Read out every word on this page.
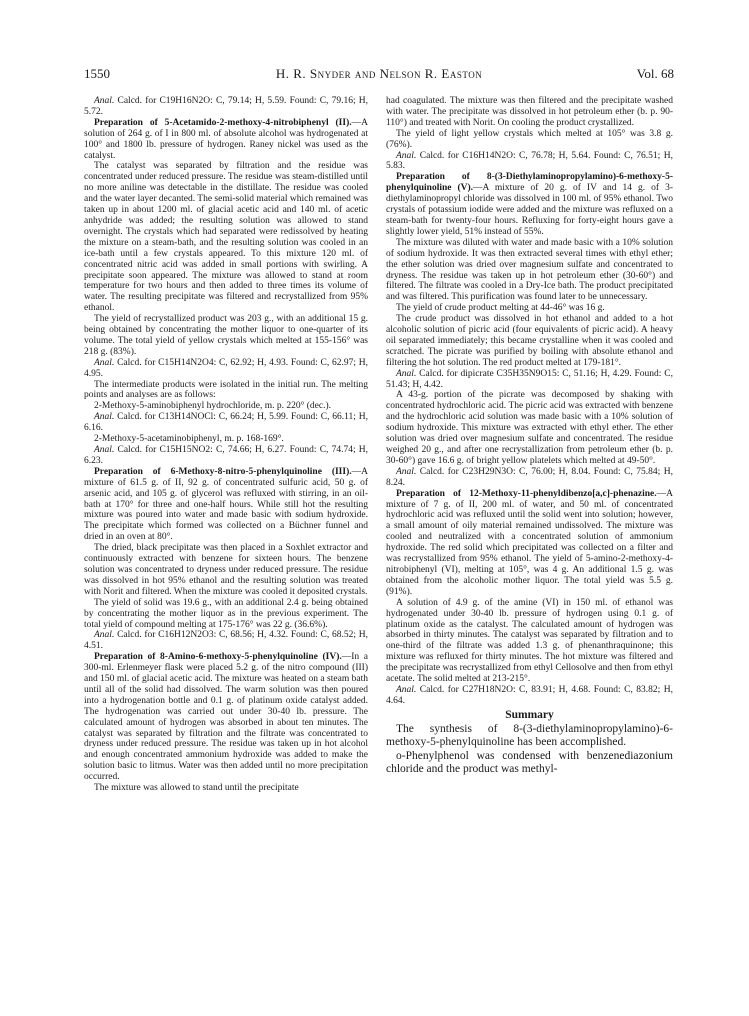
1550	H. R. Snyder and Nelson R. Easton	Vol. 68

Anal. Calcd. for C19H16N2O: C, 79.14; H, 5.59. Found: C, 79.16; H, 5.72.

Preparation of 5-Acetamido-2-methoxy-4-nitrobiphenyl (II).—A solution of 264 g. of I in 800 ml. of absolute alcohol was hydrogenated at 100° and 1800 lb. pressure of hydrogen. Raney nickel was used as the catalyst.

The catalyst was separated by filtration and the residue was concentrated under reduced pressure. The residue was steam-distilled until no more aniline was detectable in the distillate. The residue was cooled and the water layer decanted. The semi-solid material which remained was taken up in about 1200 ml. of glacial acetic acid and 140 ml. of acetic anhydride was added; the resulting solution was allowed to stand overnight. The crystals which had separated were redissolved by heating the mixture on a steam-bath, and the resulting solution was cooled in an ice-bath until a few crystals appeared. To this mixture 120 ml. of concentrated nitric acid was added in small portions with swirling. A precipitate soon appeared. The mixture was allowed to stand at room temperature for two hours and then added to three times its volume of water. The resulting precipitate was filtered and recrystallized from 95% ethanol.

The yield of recrystallized product was 203 g., with an additional 15 g. being obtained by concentrating the mother liquor to one-quarter of its volume. The total yield of yellow crystals which melted at 155-156° was 218 g. (83%).

Anal. Calcd. for C15H14N2O4: C, 62.92; H, 4.93. Found: C, 62.97; H, 4.95.

The intermediate products were isolated in the initial run. The melting points and analyses are as follows:

2-Methoxy-5-aminobiphenyl hydrochloride, m. p. 220° (dec.).

Anal. Calcd. for C13H14NOCl: C, 66.24; H, 5.99. Found: C, 66.11; H, 6.16.

2-Methoxy-5-acetaminobiphenyl, m. p. 168-169°.

Anal. Calcd. for C15H15NO2: C, 74.66; H, 6.27. Found: C, 74.74; H, 6.23.

Preparation of 6-Methoxy-8-nitro-5-phenylquinoline (III).—A mixture of 61.5 g. of II, 92 g. of concentrated sulfuric acid, 50 g. of arsenic acid, and 105 g. of glycerol was refluxed with stirring, in an oil-bath at 170° for three and one-half hours. While still hot the resulting mixture was poured into water and made basic with sodium hydroxide. The precipitate which formed was collected on a Büchner funnel and dried in an oven at 80°.

The dried, black precipitate was then placed in a Soxhlet extractor and continuously extracted with benzene for sixteen hours. The benzene solution was concentrated to dryness under reduced pressure. The residue was dissolved in hot 95% ethanol and the resulting solution was treated with Norit and filtered. When the mixture was cooled it deposited crystals.

The yield of solid was 19.6 g., with an additional 2.4 g. being obtained by concentrating the mother liquor as in the previous experiment. The total yield of compound melting at 175-176° was 22 g. (36.6%).

Anal. Calcd. for C16H12N2O3: C, 68.56; H, 4.32. Found: C, 68.52; H, 4.51.

Preparation of 8-Amino-6-methoxy-5-phenylquinoline (IV).—In a 300-ml. Erlenmeyer flask were placed 5.2 g. of the nitro compound (III) and 150 ml. of glacial acetic acid. The mixture was heated on a steam bath until all of the solid had dissolved. The warm solution was then poured into a hydrogenation bottle and 0.1 g. of platinum oxide catalyst added. The hydrogenation was carried out under 30-40 lb. pressure. The calculated amount of hydrogen was absorbed in about ten minutes. The catalyst was separated by filtration and the filtrate was concentrated to dryness under reduced pressure. The residue was taken up in hot alcohol and enough concentrated ammonium hydroxide was added to make the solution basic to litmus. Water was then added until no more precipitation occurred.

The mixture was allowed to stand until the precipitate

had coagulated. The mixture was then filtered and the precipitate washed with water. The precipitate was dissolved in hot petroleum ether (b. p. 90-110°) and treated with Norit. On cooling the product crystallized.

The yield of light yellow crystals which melted at 105° was 3.8 g. (76%).

Anal. Calcd. for C16H14N2O: C, 76.78; H, 5.64. Found: C, 76.51; H, 5.83.

Preparation of 8-(3-Diethylaminopropylamino)-6-methoxy-5-phenylquinoline (V).—A mixture of 20 g. of IV and 14 g. of 3-diethylaminopropyl chloride was dissolved in 100 ml. of 95% ethanol. Two crystals of potassium iodide were added and the mixture was refluxed on a steam-bath for twenty-four hours. Refluxing for forty-eight hours gave a slightly lower yield, 51% instead of 55%.

The mixture was diluted with water and made basic with a 10% solution of sodium hydroxide. It was then extracted several times with ethyl ether; the ether solution was dried over magnesium sulfate and concentrated to dryness. The residue was taken up in hot petroleum ether (30-60°) and filtered. The filtrate was cooled in a Dry-Ice bath. The product precipitated and was filtered. This purification was found later to be unnecessary.

The yield of crude product melting at 44-46° was 16 g.

The crude product was dissolved in hot ethanol and added to a hot alcoholic solution of picric acid (four equivalents of picric acid). A heavy oil separated immediately; this became crystalline when it was cooled and scratched. The picrate was purified by boiling with absolute ethanol and filtering the hot solution. The red product melted at 179-181°.

Anal. Calcd. for dipicrate C35H35N9O15: C, 51.16; H, 4.29. Found: C, 51.43; H, 4.42.

A 43-g. portion of the picrate was decomposed by shaking with concentrated hydrochloric acid. The picric acid was extracted with benzene and the hydrochloric acid solution was made basic with a 10% solution of sodium hydroxide. This mixture was extracted with ethyl ether. The ether solution was dried over magnesium sulfate and concentrated. The residue weighed 20 g., and after one recrystallization from petroleum ether (b. p. 30-60°) gave 16.6 g. of bright yellow platelets which melted at 49-50°.

Anal. Calcd. for C23H29N3O: C, 76.00; H, 8.04. Found: C, 75.84; H, 8.24.

Preparation of 12-Methoxy-11-phenyldibenzo[a,c]-phenazine.—A mixture of 7 g. of II, 200 ml. of water, and 50 ml. of concentrated hydrochloric acid was refluxed until the solid went into solution; however, a small amount of oily material remained undissolved. The mixture was cooled and neutralized with a concentrated solution of ammonium hydroxide. The red solid which precipitated was collected on a filter and was recrystallized from 95% ethanol. The yield of 5-amino-2-methoxy-4-nitrobiphenyl (VI), melting at 105°, was 4 g. An additional 1.5 g. was obtained from the alcoholic mother liquor. The total yield was 5.5 g. (91%).

A solution of 4.9 g. of the amine (VI) in 150 ml. of ethanol was hydrogenated under 30-40 lb. pressure of hydrogen using 0.1 g. of platinum oxide as the catalyst. The calculated amount of hydrogen was absorbed in thirty minutes. The catalyst was separated by filtration and to one-third of the filtrate was added 1.3 g. of phenanthraquinone; this mixture was refluxed for thirty minutes. The hot mixture was filtered and the precipitate was recrystallized from ethyl Cellosolve and then from ethyl acetate. The solid melted at 213-215°.

Anal. Calcd. for C27H18N2O: C, 83.91; H, 4.68. Found: C, 83.82; H, 4.64.

Summary

The synthesis of 8-(3-diethylaminopropylamino)-6-methoxy-5-phenylquinoline has been accomplished.

o-Phenylphenol was condensed with benzenediazonium chloride and the product was methyl-
